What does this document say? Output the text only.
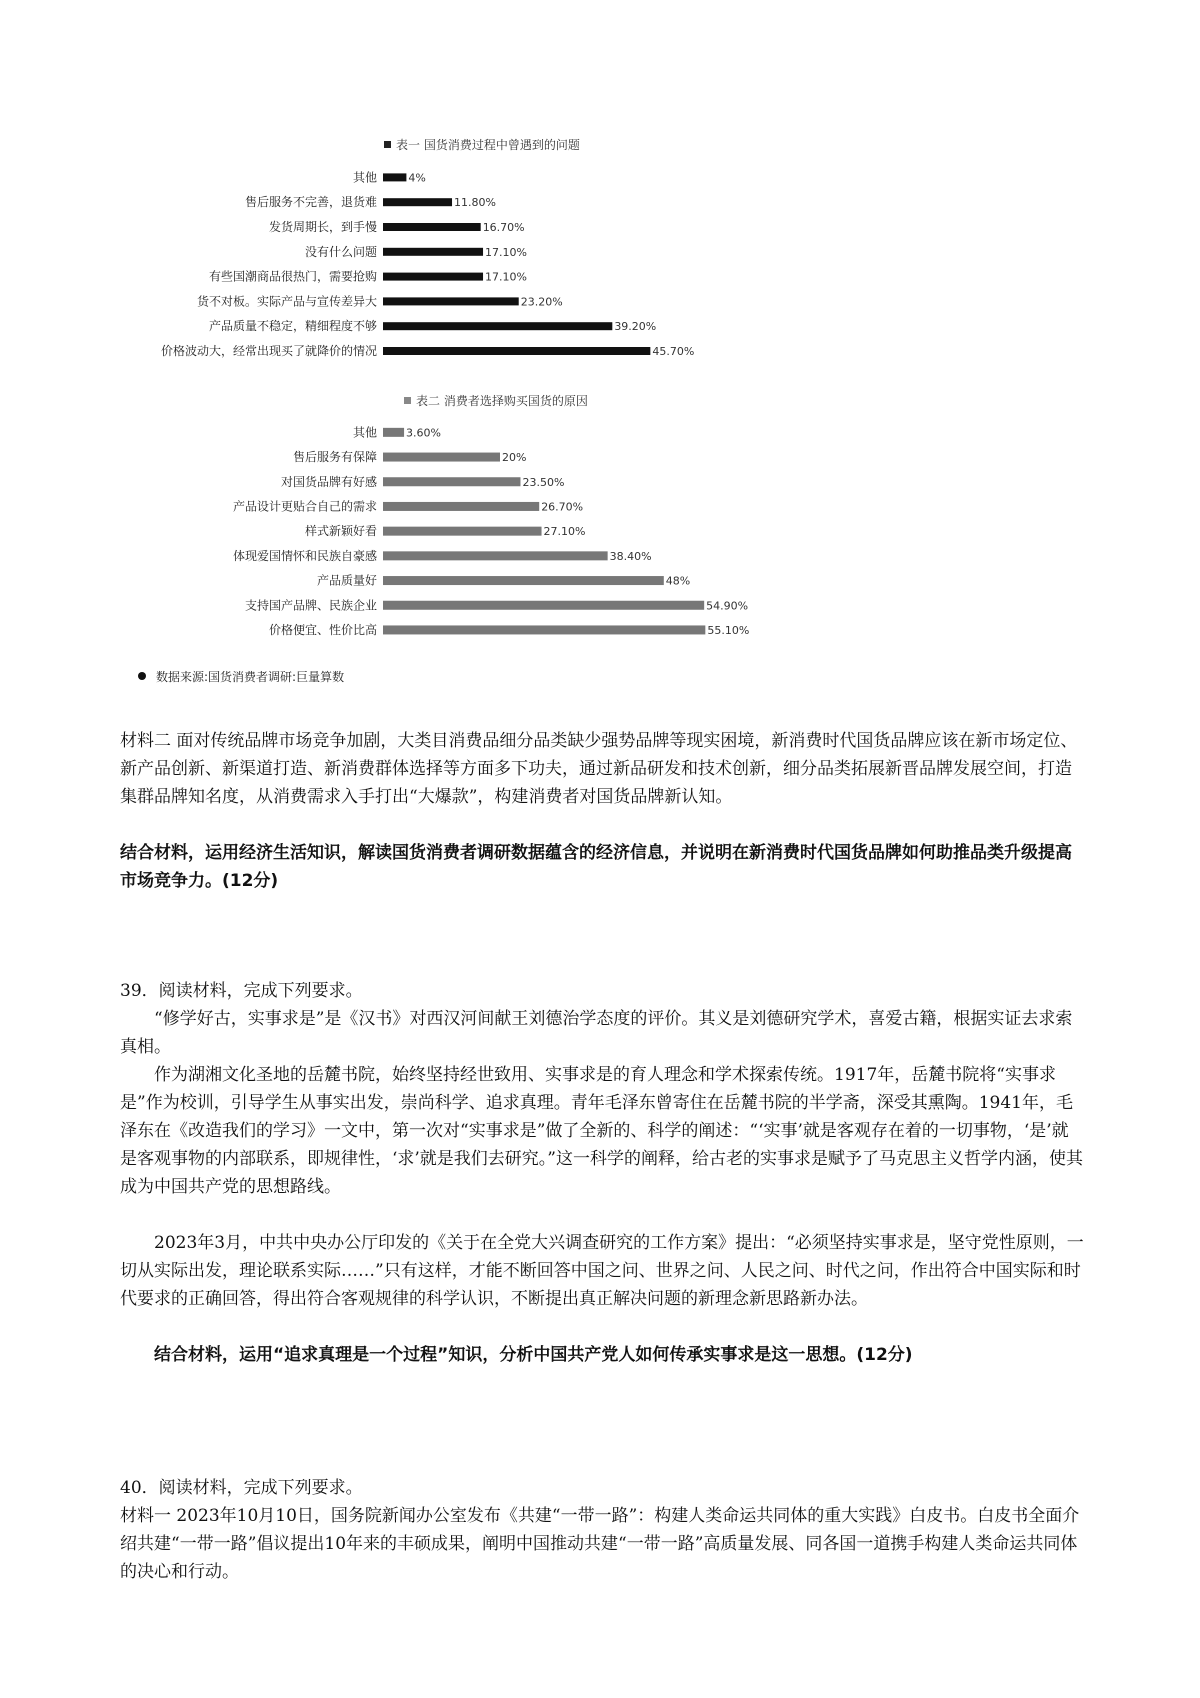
表一 国货消费过程中曾遇到的问题
其他	4%
售后服务不完善，退货难	11.80%
发货周期长，到手慢	16.70%
没有什么问题	17.10%
有些国潮商品很热门，需要抢购	17.10%
货不对板。实际产品与宣传差异大	23.20%
产品质量不稳定，精细程度不够	39.20%
价格波动大，经常出现买了就降价的情况	45.70%
表二 消费者选择购买国货的原因
其他	3.60%
售后服务有保障	20%
对国货品牌有好感	23.50%
产品设计更贴合自己的需求	26.70%
样式新颖好看	27.10%
体现爱国情怀和民族自豪感	38.40%
产品质量好	48%
支持国产品牌、民族企业	54.90%
价格便宜、性价比高	55.10%
数据来源:国货消费者调研:巨量算数

材料二 面对传统品牌市场竞争加剧，大类目消费品细分品类缺少强势品牌等现实困境，新消费时代国货品牌应该在新市场定位、新产品创新、新渠道打造、新消费群体选择等方面多下功夫，通过新品研发和技术创新，细分品类拓展新晋品牌发展空间，打造集群品牌知名度，从消费需求入手打出“大爆款”，构建消费者对国货品牌新认知。

结合材料，运用经济生活知识，解读国货消费者调研数据蕴含的经济信息，并说明在新消费时代国货品牌如何助推品类升级提高市场竞争力。(12分)

39．阅读材料，完成下列要求。

“修学好古，实事求是”是《汉书》对西汉河间献王刘德治学态度的评价。其义是刘德研究学术，喜爱古籍，根据实证去求索真相。

作为湖湘文化圣地的岳麓书院，始终坚持经世致用、实事求是的育人理念和学术探索传统。1917年，岳麓书院将“实事求是”作为校训，引导学生从事实出发，崇尚科学、追求真理。青年毛泽东曾寄住在岳麓书院的半学斋，深受其熏陶。1941年，毛泽东在《改造我们的学习》一文中，第一次对“实事求是”做了全新的、科学的阐述：“‘实事’就是客观存在着的一切事物，‘是’就是客观事物的内部联系，即规律性，‘求’就是我们去研究。”这一科学的阐释，给古老的实事求是赋予了马克思主义哲学内涵，使其成为中国共产党的思想路线。

2023年3月，中共中央办公厅印发的《关于在全党大兴调查研究的工作方案》提出：“必须坚持实事求是，坚守党性原则，一切从实际出发，理论联系实际……”只有这样，才能不断回答中国之问、世界之问、人民之问、时代之问，作出符合中国实际和时代要求的正确回答，得出符合客观规律的科学认识，不断提出真正解决问题的新理念新思路新办法。

结合材料，运用“追求真理是一个过程”知识，分析中国共产党人如何传承实事求是这一思想。(12分)

40．阅读材料，完成下列要求。

材料一 2023年10月10日，国务院新闻办公室发布《共建“一带一路”：构建人类命运共同体的重大实践》白皮书。白皮书全面介绍共建“一带一路”倡议提出10年来的丰硕成果，阐明中国推动共建“一带一路”高质量发展、同各国一道携手构建人类命运共同体的决心和行动。
